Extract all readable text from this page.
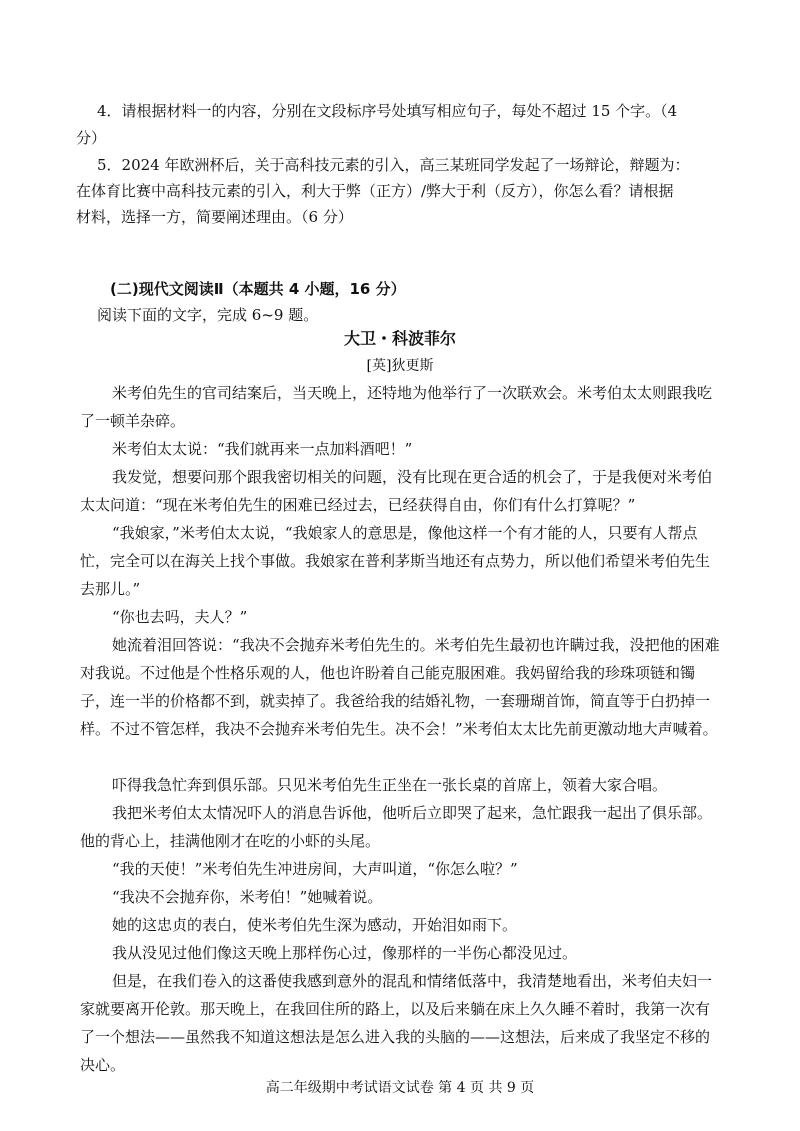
4．请根据材料一的内容，分别在文段标序号处填写相应句子，每处不超过 15 个字。（4
分）
5．2024 年欧洲杯后，关于高科技元素的引入，高三某班同学发起了一场辩论，辩题为：
在体育比赛中高科技元素的引入，利大于弊（正方）/弊大于利（反方），你怎么看？请根据
材料，选择一方，简要阐述理由。（6 分）
(二)现代文阅读Ⅱ（本题共 4 小题，16 分）
阅读下面的文字，完成 6~9 题。
大卫・科波菲尔
[英]狄更斯
米考伯先生的官司结案后，当天晚上，还特地为他举行了一次联欢会。米考伯太太则跟我吃了一顿羊杂碎。
米考伯太太说：“我们就再来一点加料酒吧！”
我发觉，想要问那个跟我密切相关的问题，没有比现在更合适的机会了，于是我便对米考伯太太问道：“现在米考伯先生的困难已经过去，已经获得自由，你们有什么打算呢？”
“我娘家，”米考伯太太说，“我娘家人的意思是，像他这样一个有才能的人，只要有人帮点忙，完全可以在海关上找个事做。我娘家在普利茅斯当地还有点势力，所以他们希望米考伯先生去那儿。”
“你也去吗，夫人？”
她流着泪回答说：“我决不会抛弃米考伯先生的。米考伯先生最初也许瞒过我，没把他的困难对我说。不过他是个性格乐观的人，他也许盼着自己能克服困难。我妈留给我的珍珠项链和镯子，连一半的价格都不到，就卖掉了。我爸给我的结婚礼物，一套珊瑚首饰，简直等于白扔掉一样。不过不管怎样，我决不会抛弃米考伯先生。决不会！”米考伯太太比先前更激动地大声喊着。
吓得我急忙奔到俱乐部。只见米考伯先生正坐在一张长桌的首席上，领着大家合唱。
我把米考伯太太情况吓人的消息告诉他，他听后立即哭了起来，急忙跟我一起出了俱乐部。他的背心上，挂满他刚才在吃的小虾的头尾。
“我的天使！”米考伯先生冲进房间，大声叫道，“你怎么啦？”
“我决不会抛弃你，米考伯！”她喊着说。
她的这忠贞的表白，使米考伯先生深为感动，开始泪如雨下。
我从没见过他们像这天晚上那样伤心过，像那样的一半伤心都没见过。
但是，在我们卷入的这番使我感到意外的混乱和情绪低落中，我清楚地看出，米考伯夫妇一家就要离开伦敦。那天晚上，在我回住所的路上，以及后来躺在床上久久睡不着时，我第一次有了一个想法——虽然我不知道这想法是怎么进入我的头脑的——这想法，后来成了我坚定不移的决心。
高二年级期中考试语文试卷 第 4 页 共 9 页
